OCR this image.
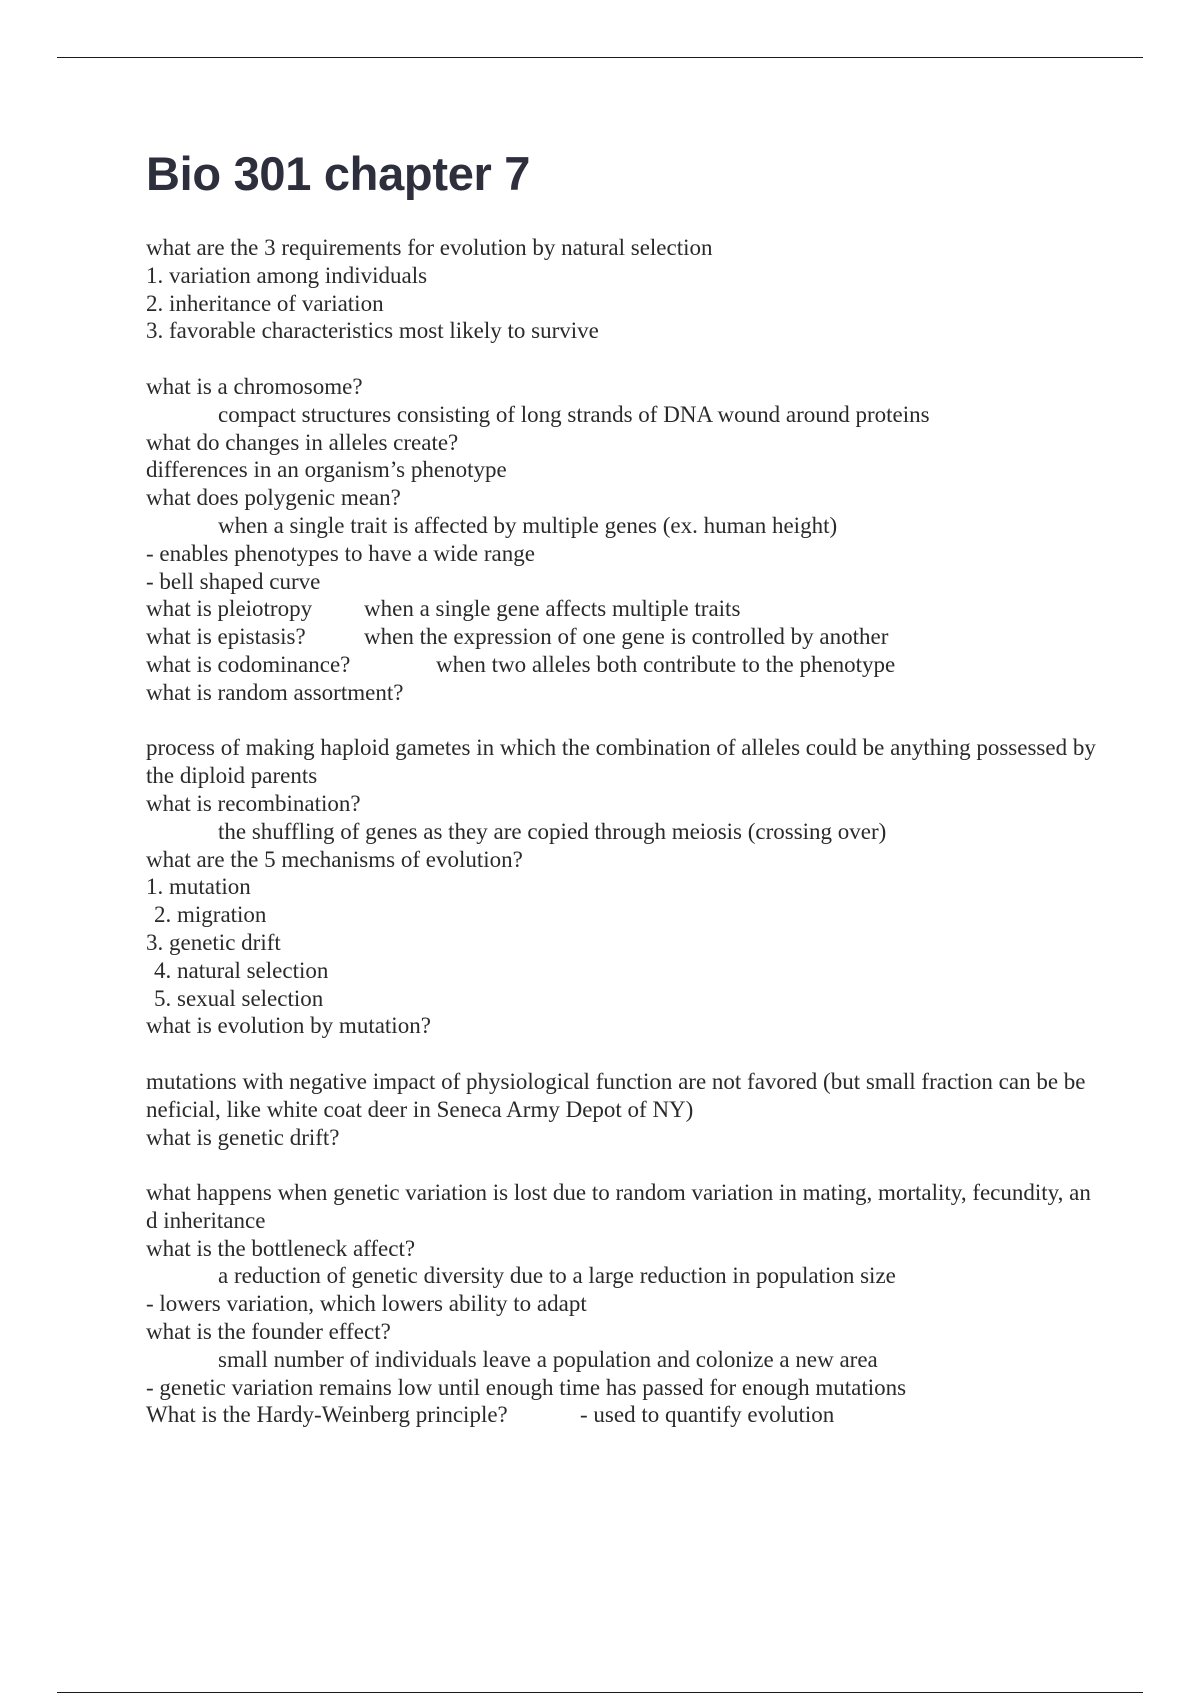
Bio 301 chapter 7
what are the 3 requirements for evolution by natural selection
1. variation among individuals
2. inheritance of variation
3. favorable characteristics most likely to survive
what is a chromosome?
compact structures consisting of long strands of DNA wound around proteins
what do changes in alleles create?
differences in an organism’s phenotype
what does polygenic mean?
when a single trait is affected by multiple genes (ex. human height)
- enables phenotypes to have a wide range
- bell shaped curve
what is pleiotropy when a single gene affects multiple traits
what is epistasis?	when the expression of one gene is controlled by another
what is codominance?	when two alleles both contribute to the phenotype
what is random assortment?
process of making haploid gametes in which the combination of alleles could be anything possessed by the diploid parents
what is recombination?
the shuffling of genes as they are copied through meiosis (crossing over)
what are the 5 mechanisms of evolution?
1. mutation
2. migration
3. genetic drift
4. natural selection
5. sexual selection
what is evolution by mutation?
mutations with negative impact of physiological function are not favored (but small fraction can be beneficial, like white coat deer in Seneca Army Depot of NY)
what is genetic drift?
what happens when genetic variation is lost due to random variation in mating, mortality, fecundity, and inheritance
what is the bottleneck affect?
a reduction of genetic diversity due to a large reduction in population size
- lowers variation, which lowers ability to adapt
what is the founder effect?
small number of individuals leave a population and colonize a new area
- genetic variation remains low until enough time has passed for enough mutations
What is the Hardy-Weinberg principle?	- used to quantify evolution
